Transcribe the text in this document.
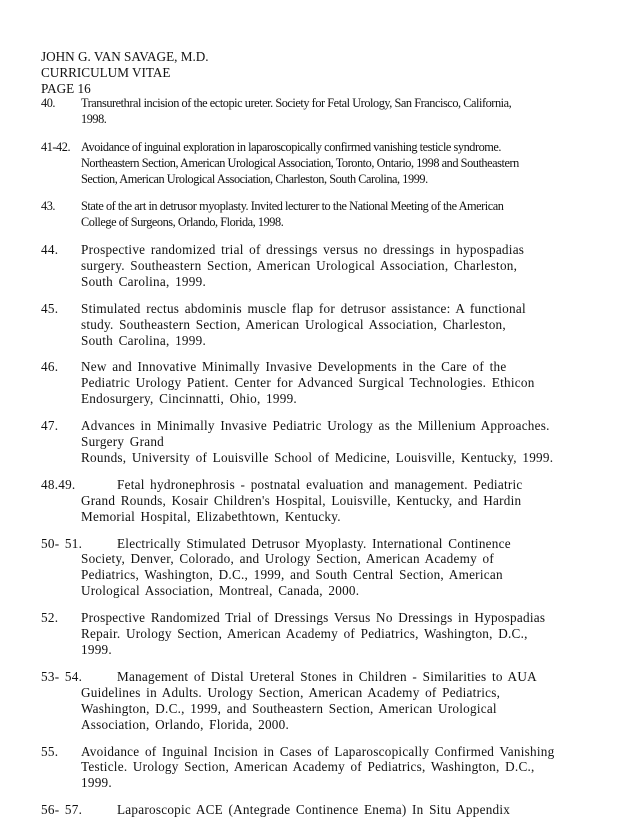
JOHN G. VAN SAVAGE, M.D.

CURRICULUM VITAE

PAGE 16

40. Transurethral incision of the ectopic ureter. Society for Fetal Urology, San Francisco, California,
1998.
41-42. Avoidance of inguinal exploration in laparoscopically confirmed vanishing testicle syndrome.
Northeastern Section, American Urological Association, Toronto, Ontario, 1998 and Southeastern
Section, American Urological Association, Charleston, South Carolina, 1999.
43. State of the art in detrusor myoplasty. Invited lecturer to the National Meeting of the American
College of Surgeons, Orlando, Florida, 1998.
44. Prospective randomized trial of dressings versus no dressings in hypospadias
surgery. Southeastern Section, American Urological Association, Charleston,
South Carolina, 1999.
45. Stimulated rectus abdominis muscle flap for detrusor assistance: A functional
study. Southeastern Section, American Urological Association, Charleston,
South Carolina, 1999.
46. New and Innovative Minimally Invasive Developments in the Care of the
Pediatric Urology Patient. Center for Advanced Surgical Technologies. Ethicon
Endosurgery, Cincinnatti, Ohio, 1999.
47. Advances in Minimally Invasive Pediatric Urology as the Millenium Approaches.
Surgery Grand
Rounds, University of Louisville School of Medicine, Louisville, Kentucky, 1999.
48.49.	Fetal hydronephrosis - postnatal evaluation and management. Pediatric
Grand Rounds, Kosair Children's Hospital, Louisville, Kentucky, and Hardin
Memorial Hospital, Elizabethtown, Kentucky.
50- 51.	Electrically Stimulated Detrusor Myoplasty. International Continence
Society, Denver, Colorado, and Urology Section, American Academy of
Pediatrics, Washington, D.C., 1999, and South Central Section, American
Urological Association, Montreal, Canada, 2000.
52. Prospective Randomized Trial of Dressings Versus No Dressings in Hypospadias
Repair. Urology Section, American Academy of Pediatrics, Washington, D.C.,
1999.
53- 54.	Management of Distal Ureteral Stones in Children - Similarities to AUA
Guidelines in Adults. Urology Section, American Academy of Pediatrics,
Washington, D.C., 1999, and Southeastern Section, American Urological
Association, Orlando, Florida, 2000.
55. Avoidance of Inguinal Incision in Cases of Laparoscopically Confirmed Vanishing
Testicle. Urology Section, American Academy of Pediatrics, Washington, D.C.,
1999.
56- 57.	Laparoscopic ACE (Antegrade Continence Enema) In Situ Appendix
